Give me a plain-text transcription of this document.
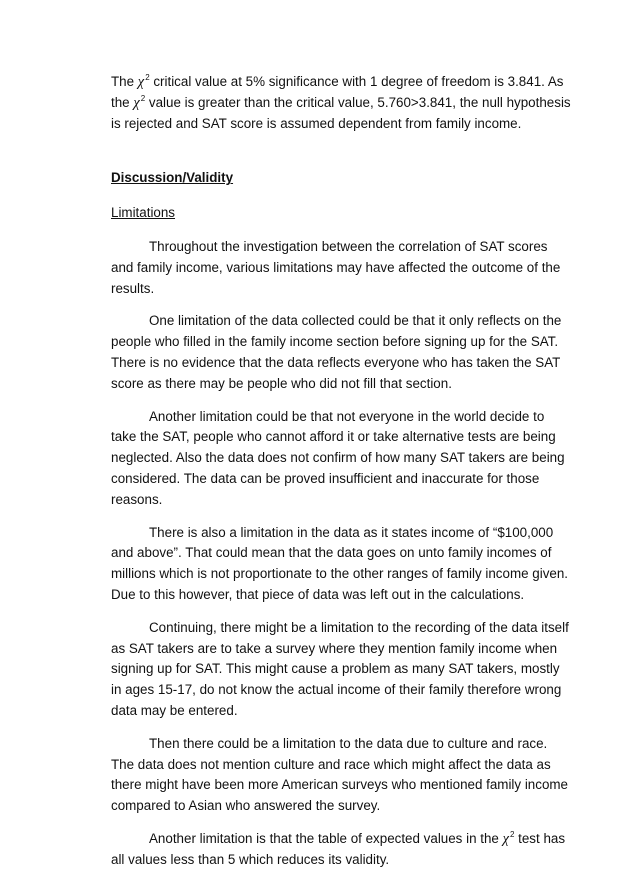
The $\chi^2$ critical value at 5% significance with 1 degree of freedom is 3.841. As the $\chi^2$ value is greater than the critical value, 5.760>3.841, the null hypothesis is rejected and SAT score is assumed dependent from family income.

Discussion/Validity

Limitations

Throughout the investigation between the correlation of SAT scores and family income, various limitations may have affected the outcome of the results.

One limitation of the data collected could be that it only reflects on the people who filled in the family income section before signing up for the SAT. There is no evidence that the data reflects everyone who has taken the SAT score as there may be people who did not fill that section.

Another limitation could be that not everyone in the world decide to take the SAT, people who cannot afford it or take alternative tests are being neglected. Also the data does not confirm of how many SAT takers are being considered. The data can be proved insufficient and inaccurate for those reasons.

There is also a limitation in the data as it states income of “$100,000 and above”. That could mean that the data goes on unto family incomes of millions which is not proportionate to the other ranges of family income given. Due to this however, that piece of data was left out in the calculations.

Continuing, there might be a limitation to the recording of the data itself as SAT takers are to take a survey where they mention family income when signing up for SAT. This might cause a problem as many SAT takers, mostly in ages 15-17, do not know the actual income of their family therefore wrong data may be entered.

Then there could be a limitation to the data due to culture and race. The data does not mention culture and race which might affect the data as there might have been more American surveys who mentioned family income compared to Asian who answered the survey.

Another limitation is that the table of expected values in the $\chi^2$ test has all values less than 5 which reduces its validity.
